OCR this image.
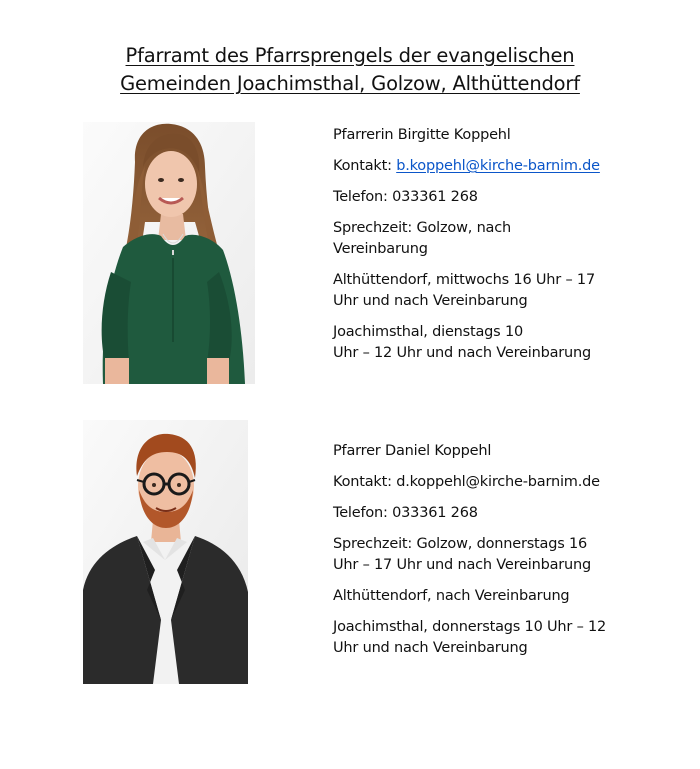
Pfarramt des Pfarrsprengels der evangelischen
Gemeinden Joachimsthal, Golzow, Althüttendorf

Pfarrerin Birgitte Koppehl

Kontakt: b.koppehl@kirche-barnim.de

Telefon: 033361 268

Sprechzeit: Golzow, nach
Vereinbarung

Althüttendorf, mittwochs 16 Uhr – 17
Uhr und nach Vereinbarung

Joachimsthal, dienstags 10
Uhr – 12 Uhr und nach Vereinbarung

Pfarrer Daniel Koppehl

Kontakt: d.koppehl@kirche-barnim.de

Telefon: 033361 268

Sprechzeit: Golzow, donnerstags 16
Uhr – 17 Uhr und nach Vereinbarung

Althüttendorf, nach Vereinbarung

Joachimsthal, donnerstags 10 Uhr – 12
Uhr und nach Vereinbarung
